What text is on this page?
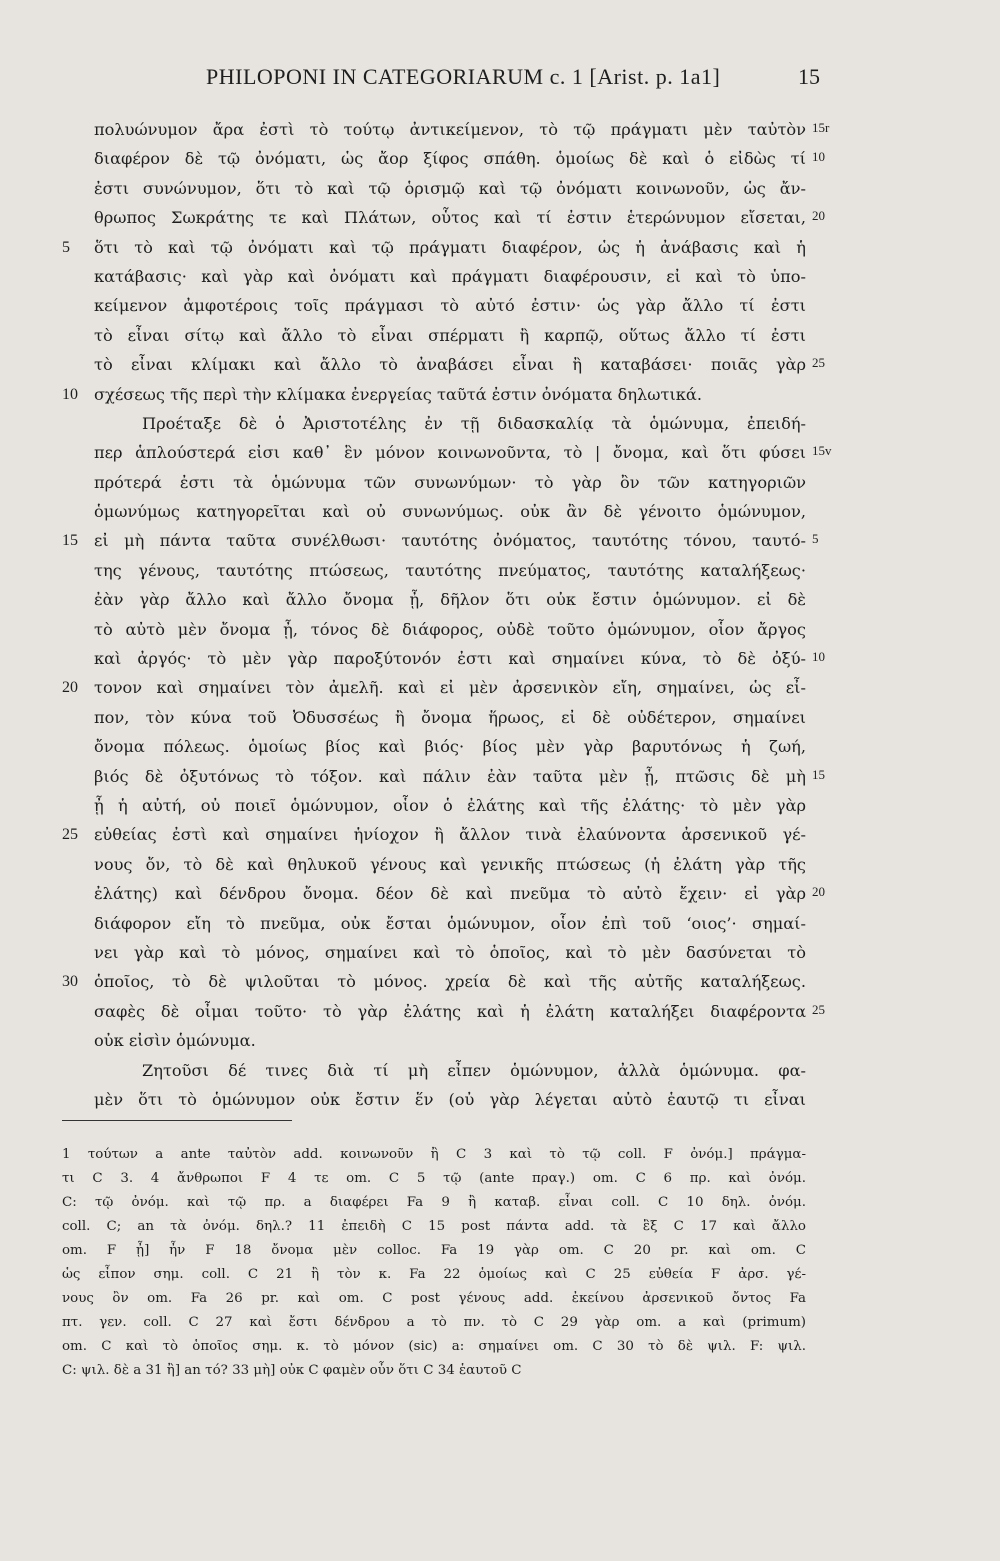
PHILOPONI IN CATEGORIARUM c. 1 [Arist. p. 1a1]	15
πολυώνυμον ἄρα ἐστὶ τὸ τούτῳ ἀντικείμενον, τὸ τῷ πράγματι μὲν ταὐτὸν 15r
διαφέρον δὲ τῷ ὀνόματι, ὡς ἄορ ξίφος σπάθη. ὁμοίως δὲ καὶ ὁ εἰδὼς τί 10
ἐστι συνώνυμον, ὅτι τὸ καὶ τῷ ὁρισμῷ καὶ τῷ ὀνόματι κοινωνοῦν, ὡς ἄν-
θρωπος Σωκράτης τε καὶ Πλάτων, οὗτος καὶ τί ἐστιν ἑτερώνυμον εἴσεται, 20
5	ὅτι τὸ καὶ τῷ ὀνόματι καὶ τῷ πράγματι διαφέρον, ὡς ἡ ἀνάβασις καὶ ἡ
κατάβασις· καὶ γὰρ καὶ ὀνόματι καὶ πράγματι διαφέρουσιν, εἰ καὶ τὸ ὑπο-
κείμενον ἀμφοτέροις τοῖς πράγμασι τὸ αὐτό ἐστιν· ὡς γὰρ ἄλλο τί ἐστι
τὸ εἶναι σίτῳ καὶ ἄλλο τὸ εἶναι σπέρματι ἢ καρπῷ, οὕτως ἄλλο τί ἐστι
τὸ εἶναι κλίμακι καὶ ἄλλο τὸ ἀναβάσει εἶναι ἢ καταβάσει· ποιᾶς γὰρ 25
10 σχέσεως τῆς περὶ τὴν κλίμακα ἐνεργείας ταῦτά ἐστιν ὀνόματα δηλωτικά.
Προέταξε δὲ ὁ Ἀριστοτέλης ἐν τῇ διδασκαλίᾳ τὰ ὁμώνυμα, ἐπειδή-
περ ἁπλούστερά εἰσι καθ᾽ ἓν μόνον κοινωνοῦντα, τὸ | ὄνομα, καὶ ὅτι φύσει 15v
πρότερά ἐστι τὰ ὁμώνυμα τῶν συνωνύμων· τὸ γὰρ ὂν τῶν κατηγοριῶν
ὁμωνύμως κατηγορεῖται καὶ οὐ συνωνύμως. οὐκ ἂν δὲ γένοιτο ὁμώνυμον,
15 εἰ μὴ πάντα ταῦτα συνέλθωσι· ταυτότης ὀνόματος, ταυτότης τόνου, ταυτό- 5
της γένους, ταυτότης πτώσεως, ταυτότης πνεύματος, ταυτότης καταλήξεως·
ἐὰν γὰρ ἄλλο καὶ ἄλλο ὄνομα ᾖ, δῆλον ὅτι οὐκ ἔστιν ὁμώνυμον. εἰ δὲ
τὸ αὐτὸ μὲν ὄνομα ᾖ, τόνος δὲ διάφορος, οὐδὲ τοῦτο ὁμώνυμον, οἷον ἄργος
καὶ ἀργός· τὸ μὲν γὰρ παροξύτονόν ἐστι καὶ σημαίνει κύνα, τὸ δὲ ὀξύ- 10
20 τονον καὶ σημαίνει τὸν ἀμελῆ. καὶ εἰ μὲν ἀρσενικὸν εἴη, σημαίνει, ὡς εἶ-
πον, τὸν κύνα τοῦ Ὀδυσσέως ἢ ὄνομα ἥρωος, εἰ δὲ οὐδέτερον, σημαίνει
ὄνομα πόλεως. ὁμοίως βίος καὶ βιός· βίος μὲν γὰρ βαρυτόνως ἡ ζωή,
βιός δὲ ὀξυτόνως τὸ τόξον. καὶ πάλιν ἐὰν ταῦτα μὲν ᾖ, πτῶσις δὲ μὴ 15
ᾖ ἡ αὐτή, οὐ ποιεῖ ὁμώνυμον, οἷον ὁ ἐλάτης καὶ τῆς ἐλάτης· τὸ μὲν γὰρ
25 εὐθείας ἐστὶ καὶ σημαίνει ἡνίοχον ἢ ἄλλον τινὰ ἐλαύνοντα ἀρσενικοῦ γέ-
νους ὄν, τὸ δὲ καὶ θηλυκοῦ γένους καὶ γενικῆς πτώσεως (ἡ ἐλάτη γὰρ τῆς
ἐλάτης) καὶ δένδρου ὄνομα. δέον δὲ καὶ πνεῦμα τὸ αὐτὸ ἔχειν· εἰ γὰρ 20
διάφορον εἴη τὸ πνεῦμα, οὐκ ἔσται ὁμώνυμον, οἷον ἐπὶ τοῦ ‘οιος’· σημαί-
νει γὰρ καὶ τὸ μόνος, σημαίνει καὶ τὸ ὁποῖος, καὶ τὸ μὲν δασύνεται τὸ
30 ὁποῖος, τὸ δὲ ψιλοῦται τὸ μόνος. χρεία δὲ καὶ τῆς αὐτῆς καταλήξεως.
σαφὲς δὲ οἶμαι τοῦτο· τὸ γὰρ ἐλάτης καὶ ἡ ἐλάτη καταλήξει διαφέροντα 25
οὐκ εἰσὶν ὁμώνυμα.
Ζητοῦσι δέ τινες διὰ τί μὴ εἶπεν ὁμώνυμον, ἀλλὰ ὁμώνυμα. φα-
μὲν ὅτι τὸ ὁμώνυμον οὐκ ἔστιν ἕν (οὐ γὰρ λέγεται αὐτὸ ἑαυτῷ τι εἶναι
1 τούτων a ante ταὐτὸν add. κοινωνοῦν ἢ C 3 καὶ τὸ τῷ coll. F ὀνόμ.] πράγμα-
τι C 3. 4 ἄνθρωποι F 4 τε om. C 5 τῷ (ante πραγ.) om. C 6 πρ. καὶ ὀνόμ.
C: τῷ ὀνόμ. καὶ τῷ πρ. a διαφέρει Fa 9 ἢ καταβ. εἶναι coll. C 10 δηλ. ὀνόμ.
coll. C; an τὰ ὀνόμ. δηλ.? 11 ἐπειδὴ C 15 post πάντα add. τὰ ἓξ C 17 καὶ ἄλλο
om. F ᾖ] ἦν F 18 ὄνομα μὲν colloc. Fa 19 γὰρ om. C 20 pr. καὶ om. C
ὡς εἶπον σημ. coll. C 21 ἢ τὸν κ. Fa 22 ὁμοίως καὶ C 25 εὐθεία F ἀρσ. γέ-
νους ὂν om. Fa 26 pr. καὶ om. C post γένους add. ἐκείνου ἀρσενικοῦ ὄντος Fa
πτ. γεν. coll. C 27 καὶ ἔστι δένδρου a τὸ πν. τὸ C 29 γὰρ om. a καὶ (primum)
om. C καὶ τὸ ὁποῖος σημ. κ. τὸ μόνον (sic) a: σημαίνει om. C 30 τὸ δὲ ψιλ. F: ψιλ.
C: ψιλ. δὲ a 31 ἢ] an τό? 33 μὴ] οὐκ C φαμὲν οὖν ὅτι C 34 ἑαυτοῦ C
